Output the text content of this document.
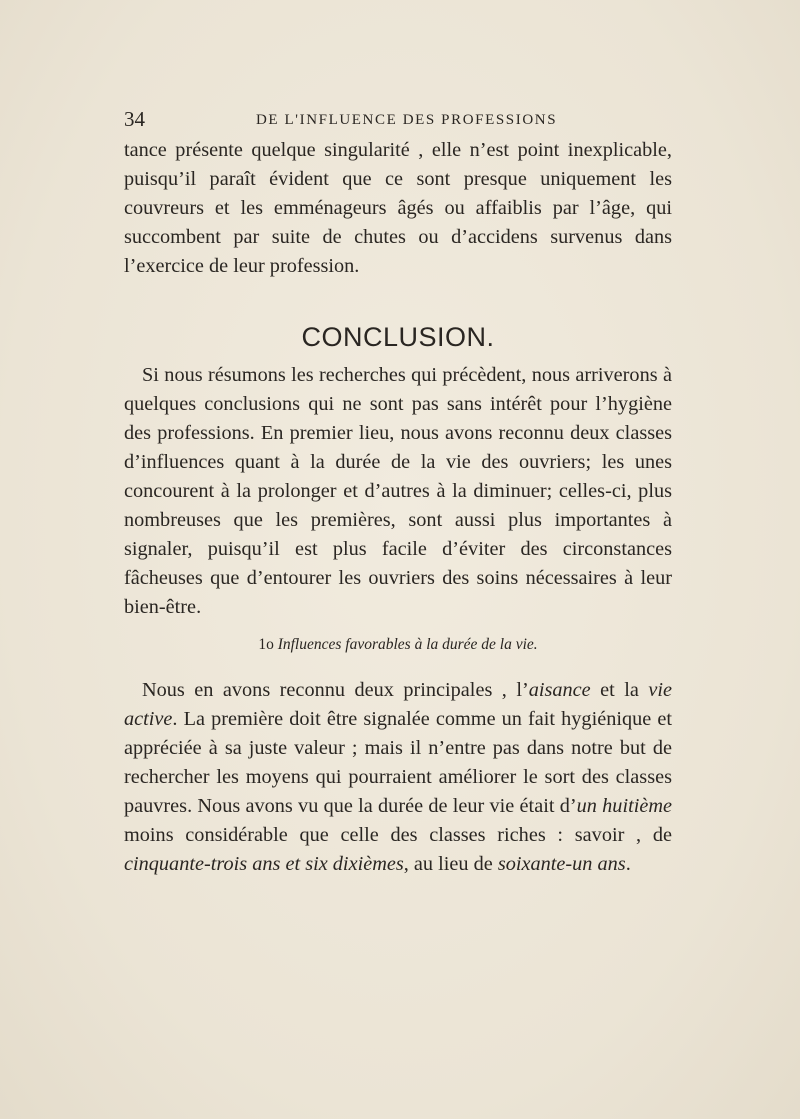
34	DE L'INFLUENCE DES PROFESSIONS

tance présente quelque singularité , elle n’est point inexplicable, puisqu’il paraît évident que ce sont presque uniquement les couvreurs et les emménageurs âgés ou affaiblis par l’âge, qui succombent par suite de chutes ou d’accidens survenus dans l’exercice de leur profession.

CONCLUSION.

Si nous résumons les recherches qui précèdent, nous arriverons à quelques conclusions qui ne sont pas sans intérêt pour l’hygiène des professions. En premier lieu, nous avons reconnu deux classes d’influences quant à la durée de la vie des ouvriers; les unes concourent à la prolonger et d’autres à la diminuer; celles-ci, plus nombreuses que les premières, sont aussi plus importantes à signaler, puisqu’il est plus facile d’éviter des circonstances fâcheuses que d’entourer les ouvriers des soins nécessaires à leur bien-être.

1o Influences favorables à la durée de la vie.

Nous en avons reconnu deux principales , l’aisance et la vie active. La première doit être signalée comme un fait hygiénique et appréciée à sa juste valeur ; mais il n’entre pas dans notre but de rechercher les moyens qui pourraient améliorer le sort des classes pauvres. Nous avons vu que la durée de leur vie était d’un huitième moins considérable que celle des classes riches : savoir , de cinquante-trois ans et six dixièmes, au lieu de soixante-un ans.
